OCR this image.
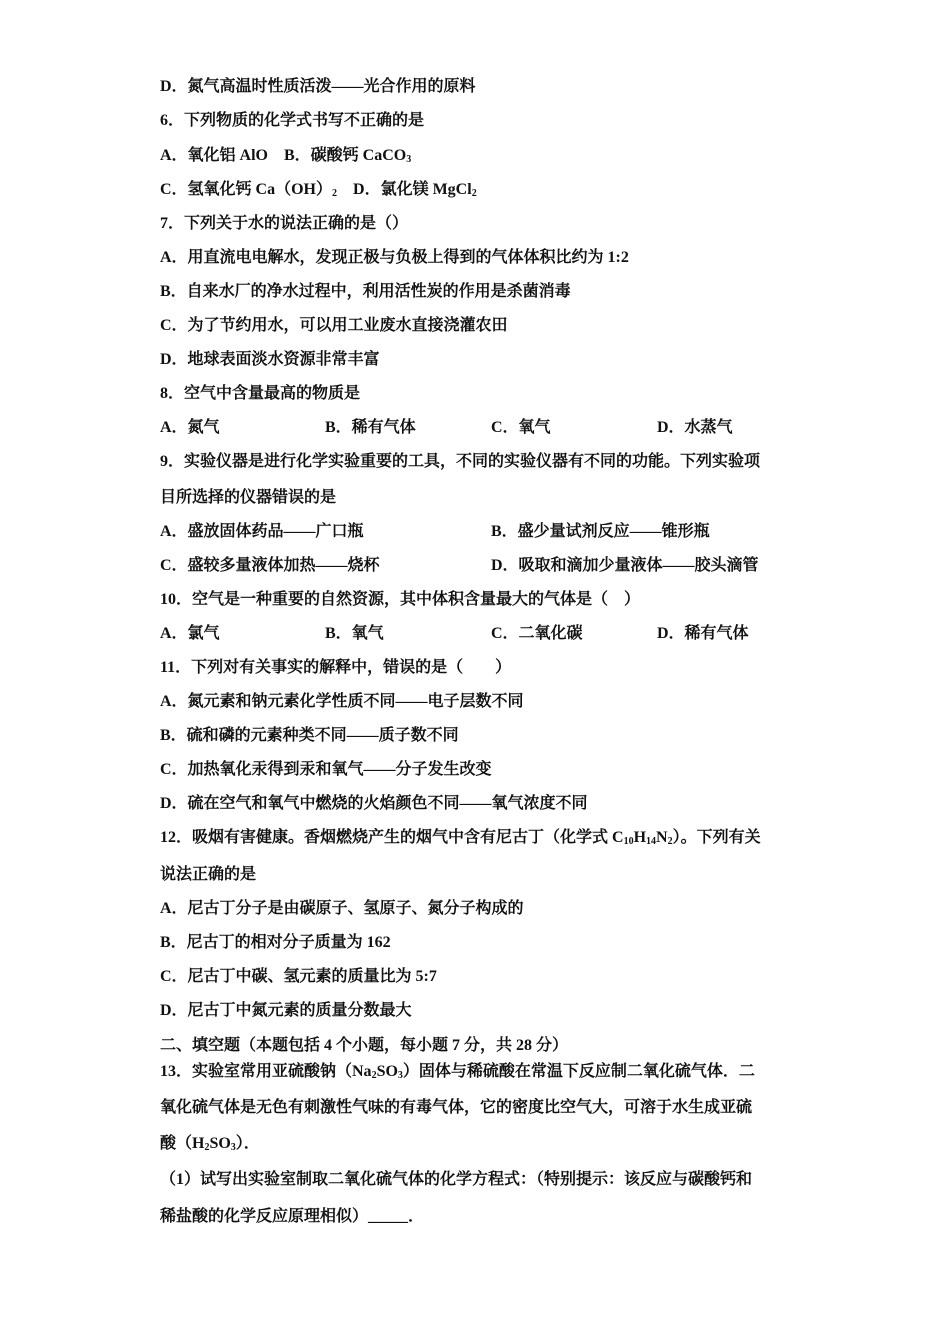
D．氮气高温时性质活泼——光合作用的原料
6．下列物质的化学式书写不正确的是
A．氧化铝 AlO　B．碳酸钙 CaCO$_3$
C．氢氧化钙 $Ca(OH)_2$　D．氯化镁 MgCl$_2$
7．下列关于水的说法正确的是（）
A．用直流电电解水，发现正极与负极上得到的气体体积比约为 1:2
B．自来水厂的净水过程中，利用活性炭的作用是杀菌消毒
C．为了节约用水，可以用工业废水直接浇灌农田
D．地球表面淡水资源非常丰富
8．空气中含量最高的物质是
A．氮气	B．稀有气体	C．氧气	D．水蒸气
9．实验仪器是进行化学实验重要的工具，不同的实验仪器有不同的功能。下列实验项
目所选择的仪器错误的是
A．盛放固体药品——广口瓶	B．盛少量试剂反应——锥形瓶
C．盛较多量液体加热——烧杯	D．吸取和滴加少量液体——胶头滴管
10．空气是一种重要的自然资源，其中体积含量最大的气体是（　）
A．氯气	B．氧气	C．二氧化碳	D．稀有气体
11．下列对有关事实的解释中，错误的是（　　）
A．氮元素和钠元素化学性质不同——电子层数不同
B．硫和磷的元素种类不同——质子数不同
C．加热氧化汞得到汞和氧气——分子发生改变
D．硫在空气和氧气中燃烧的火焰颜色不同——氧气浓度不同
12．吸烟有害健康。香烟燃烧产生的烟气中含有尼古丁（化学式 $C_{10}H_{14}N_2$）。下列有关
说法正确的是
A．尼古丁分子是由碳原子、氢原子、氮分子构成的
B．尼古丁的相对分子质量为 162
C．尼古丁中碳、氢元素的质量比为 5:7
D．尼古丁中氮元素的质量分数最大
二、填空题（本题包括 4 个小题，每小题 7 分，共 28 分）
13．实验室常用亚硫酸钠$(Na_2SO_3)$固体与稀硫酸在常温下反应制二氧化硫气体．二
氧化硫气体是无色有刺激性气味的有毒气体，它的密度比空气大，可溶于水生成亚硫
酸$(H_2SO_3)$．
（1）试写出实验室制取二氧化硫气体的化学方程式：（特别提示：该反应与碳酸钙和
稀盐酸的化学反应原理相似）_____．
